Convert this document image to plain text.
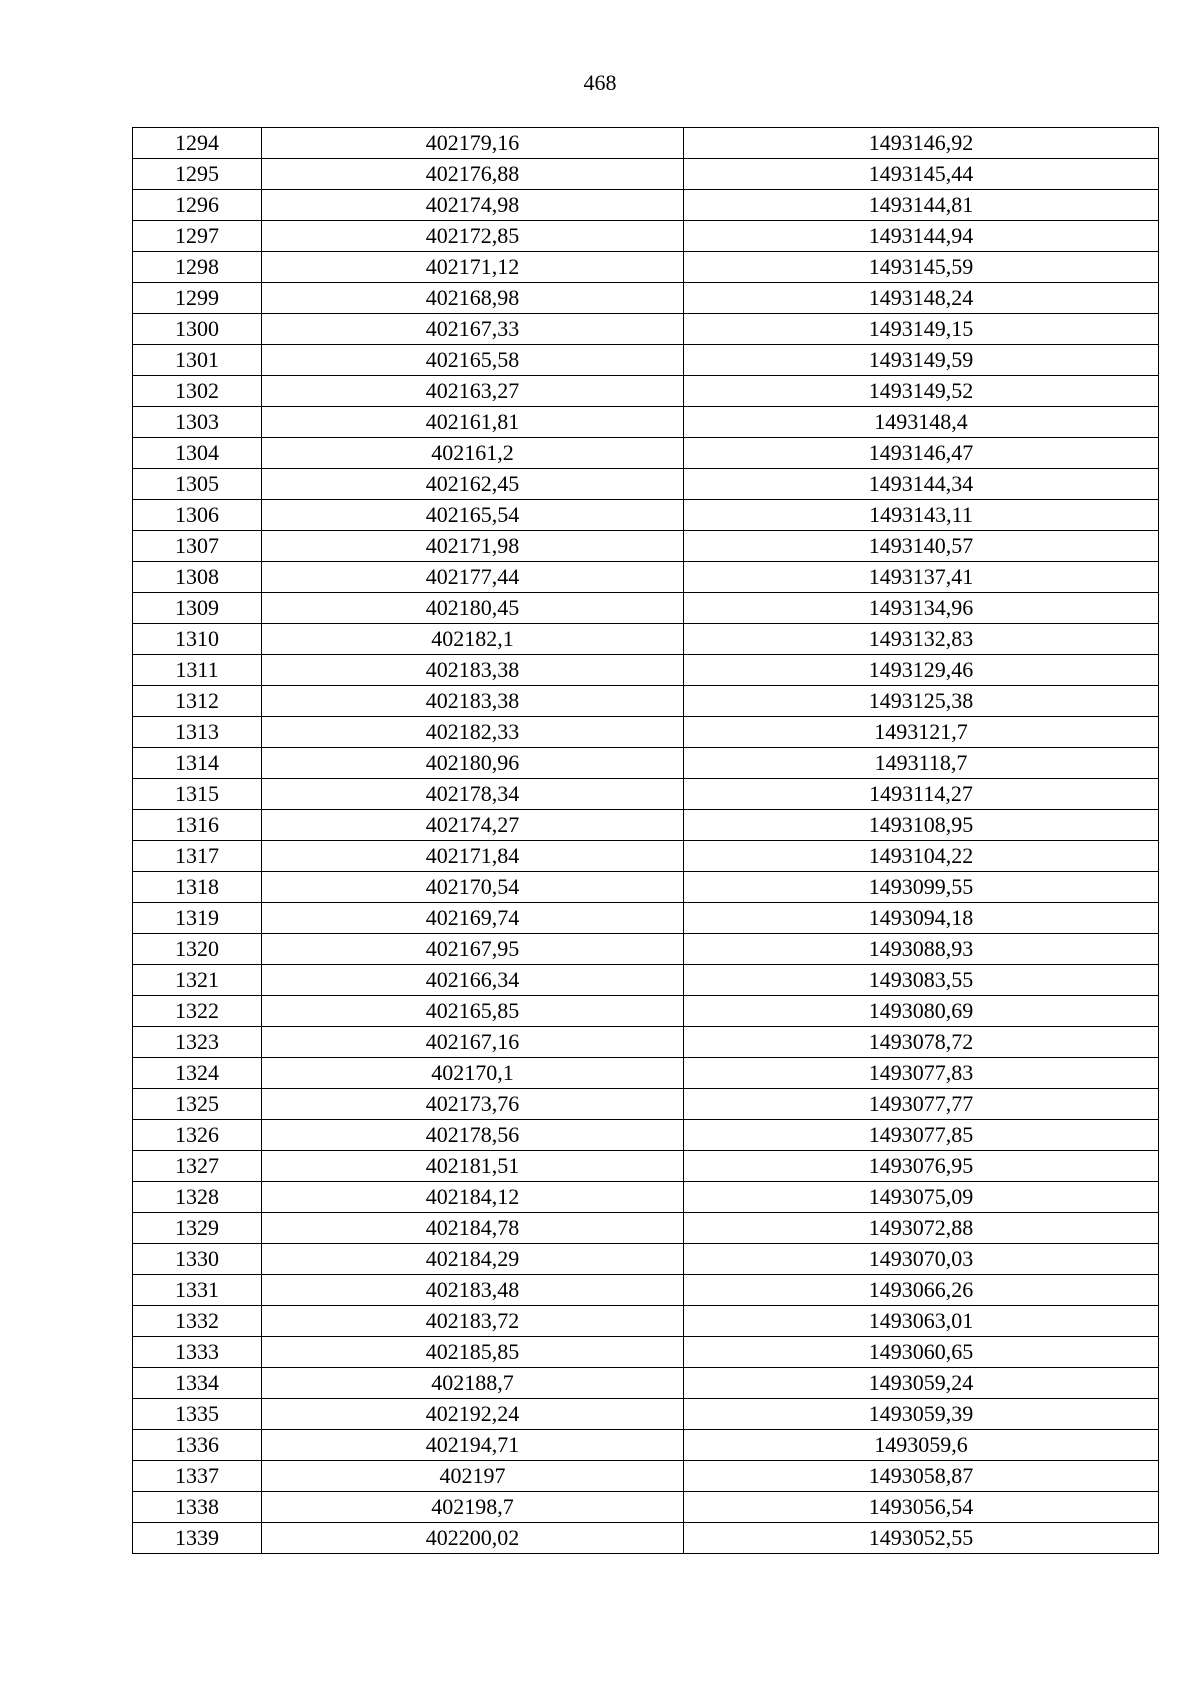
468
1294	402179,16	1493146,92
1295	402176,88	1493145,44
1296	402174,98	1493144,81
1297	402172,85	1493144,94
1298	402171,12	1493145,59
1299	402168,98	1493148,24
1300	402167,33	1493149,15
1301	402165,58	1493149,59
1302	402163,27	1493149,52
1303	402161,81	1493148,4
1304	402161,2	1493146,47
1305	402162,45	1493144,34
1306	402165,54	1493143,11
1307	402171,98	1493140,57
1308	402177,44	1493137,41
1309	402180,45	1493134,96
1310	402182,1	1493132,83
1311	402183,38	1493129,46
1312	402183,38	1493125,38
1313	402182,33	1493121,7
1314	402180,96	1493118,7
1315	402178,34	1493114,27
1316	402174,27	1493108,95
1317	402171,84	1493104,22
1318	402170,54	1493099,55
1319	402169,74	1493094,18
1320	402167,95	1493088,93
1321	402166,34	1493083,55
1322	402165,85	1493080,69
1323	402167,16	1493078,72
1324	402170,1	1493077,83
1325	402173,76	1493077,77
1326	402178,56	1493077,85
1327	402181,51	1493076,95
1328	402184,12	1493075,09
1329	402184,78	1493072,88
1330	402184,29	1493070,03
1331	402183,48	1493066,26
1332	402183,72	1493063,01
1333	402185,85	1493060,65
1334	402188,7	1493059,24
1335	402192,24	1493059,39
1336	402194,71	1493059,6
1337	402197	1493058,87
1338	402198,7	1493056,54
1339	402200,02	1493052,55
